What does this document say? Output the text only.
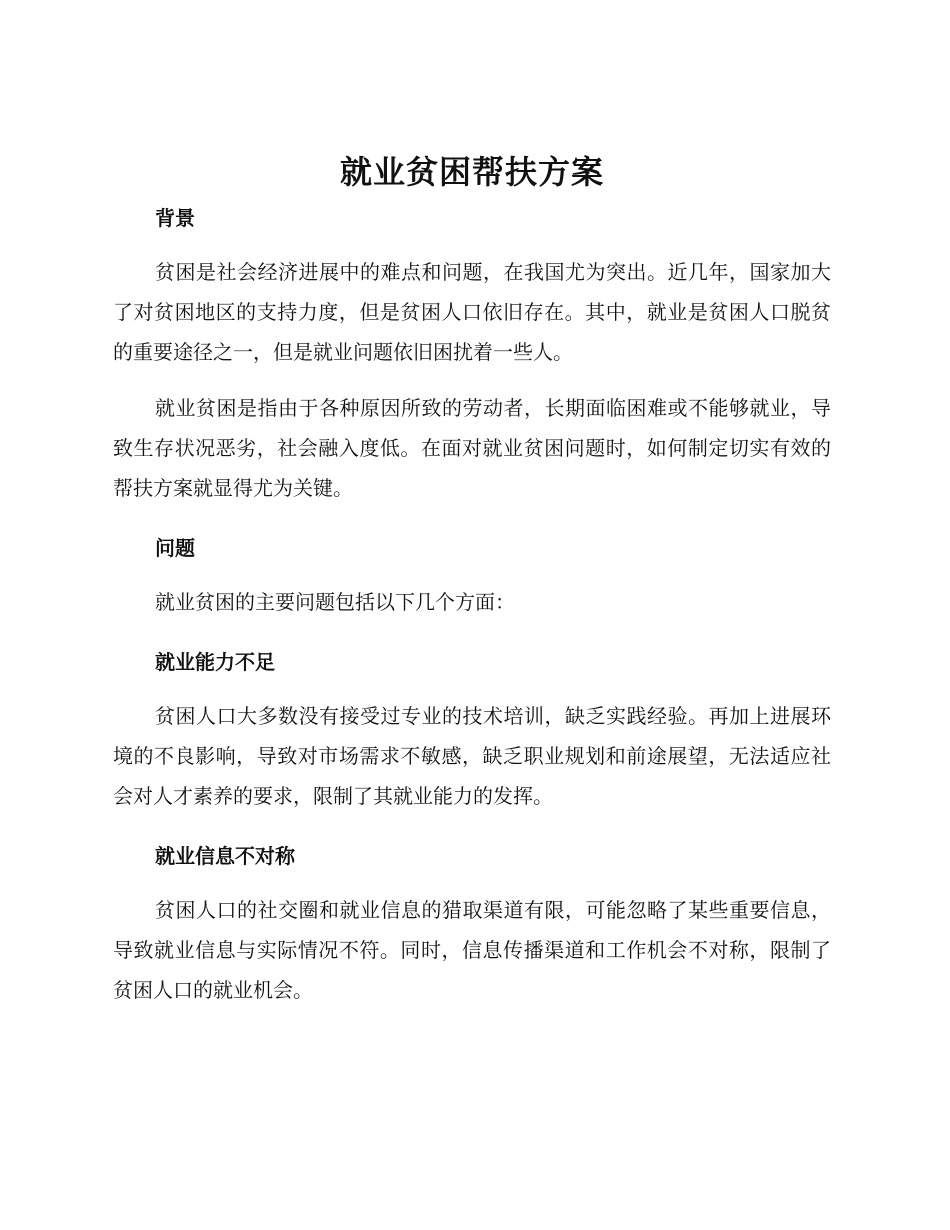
就业贫困帮扶方案
背景

贫困是社会经济进展中的难点和问题，在我国尤为突出。近几年，国家加大了对贫困地区的支持力度，但是贫困人口依旧存在。其中，就业是贫困人口脱贫的重要途径之一，但是就业问题依旧困扰着一些人。

就业贫困是指由于各种原因所致的劳动者，长期面临困难或不能够就业，导致生存状况恶劣，社会融入度低。在面对就业贫困问题时，如何制定切实有效的帮扶方案就显得尤为关键。

问题

就业贫困的主要问题包括以下几个方面：

就业能力不足

贫困人口大多数没有接受过专业的技术培训，缺乏实践经验。再加上进展环境的不良影响，导致对市场需求不敏感，缺乏职业规划和前途展望，无法适应社会对人才素养的要求，限制了其就业能力的发挥。

就业信息不对称

贫困人口的社交圈和就业信息的猎取渠道有限，可能忽略了某些重要信息，导致就业信息与实际情况不符。同时，信息传播渠道和工作机会不对称，限制了贫困人口的就业机会。
